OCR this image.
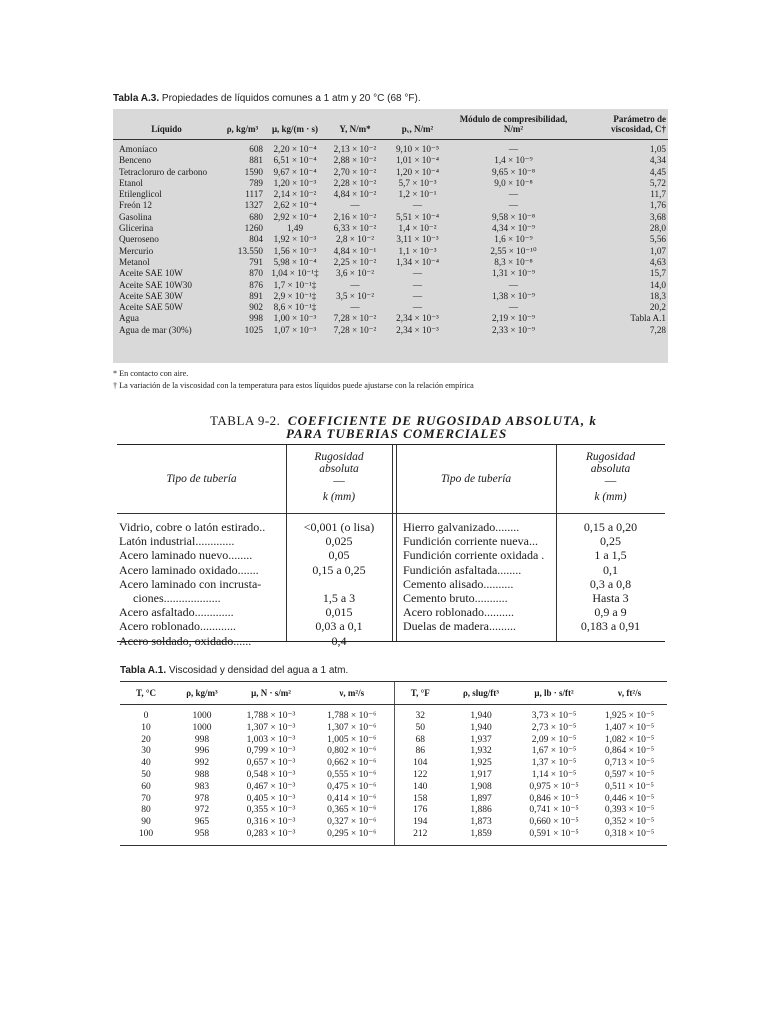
Tabla A.3. Propiedades de líquidos comunes a 1 atm y 20 °C (68 °F).
Líquido	ρ, kg/m³	μ, kg/(m · s)	Y, N/m*	pᵥ, N/m²	Módulo de compresibilidad, N/m²	Parámetro de viscosidad, C†
Amoníaco	608	2,20 × 10⁻⁴	2,13 × 10⁻²	9,10 × 10⁻⁵	—	1,05
Benceno	881	6,51 × 10⁻⁴	2,88 × 10⁻²	1,01 × 10⁻⁴	1,4 × 10⁻⁹	4,34
Tetracloruro de carbono	1590	9,67 × 10⁻⁴	2,70 × 10⁻²	1,20 × 10⁻⁴	9,65 × 10⁻⁸	4,45
Etanol	789	1,20 × 10⁻³	2,28 × 10⁻²	5,7 × 10⁻³	9,0 × 10⁻⁸	5,72
Etilenglicol	1117	2,14 × 10⁻²	4,84 × 10⁻²	1,2 × 10⁻¹	—	11,7
Freón 12	1327	2,62 × 10⁻⁴	—	—	—	1,76
Gasolina	680	2,92 × 10⁻⁴	2,16 × 10⁻²	5,51 × 10⁻⁴	9,58 × 10⁻⁸	3,68
Glicerina	1260	1,49	6,33 × 10⁻²	1,4 × 10⁻²	4,34 × 10⁻⁹	28,0
Queroseno	804	1,92 × 10⁻³	2,8 × 10⁻²	3,11 × 10⁻³	1,6 × 10⁻⁹	5,56
Mercurio	13.550	1,56 × 10⁻³	4,84 × 10⁻¹	1,1 × 10⁻³	2,55 × 10⁻¹⁰	1,07
Metanol	791	5,98 × 10⁻⁴	2,25 × 10⁻²	1,34 × 10⁻⁴	8,3 × 10⁻⁸	4,63
Aceite SAE 10W	870	1,04 × 10⁻¹‡	3,6 × 10⁻²	—	1,31 × 10⁻⁹	15,7
Aceite SAE 10W30	876	1,7 × 10⁻¹‡	—	—	—	14,0
Aceite SAE 30W	891	2,9 × 10⁻¹‡	3,5 × 10⁻²	—	1,38 × 10⁻⁹	18,3
Aceite SAE 50W	902	8,6 × 10⁻¹‡	—	—	—	20,2
Agua	998	1,00 × 10⁻³	7,28 × 10⁻²	2,34 × 10⁻³	2,19 × 10⁻⁹	Tabla A.1
Agua de mar (30%)	1025	1,07 × 10⁻³	7,28 × 10⁻²	2,34 × 10⁻³	2,33 × 10⁻⁹	7,28
* En contacto con aire.
† La variación de la viscosidad con la temperatura para estos líquidos puede ajustarse con la relación empírica
TABLA 9-2. COEFICIENTE DE RUGOSIDAD ABSOLUTA, k
PARA TUBERIAS COMERCIALES
Tipo de tubería
Rugosidad
absoluta
—
k (mm)
Tipo de tubería
Rugosidad
absoluta
—
k (mm)
Vidrio, cobre o latón estirado..	<0,001 (o lisa)
Latón industrial.............	0,025
Acero laminado nuevo........	0,05
Acero laminado oxidado.......	0,15 a 0,25
Acero laminado con incrusta-
ciones...................	1,5 a 3
Acero asfaltado.............	0,015
Acero roblonado............	0,03 a 0,1
Acero soldado, oxidado......	0,4
Hierro galvanizado........	0,15 a 0,20
Fundición corriente nueva...	0,25
Fundición corriente oxidada .	1 a 1,5
Fundición asfaltada........	0,1
Cemento alisado..........	0,3 a 0,8
Cemento bruto...........	Hasta 3
Acero roblonado..........	0,9 a 9
Duelas de madera.........	0,183 a 0,91
Tabla A.1. Viscosidad y densidad del agua a 1 atm.
T, °C	ρ, kg/m³	μ, N · s/m²	ν, m²/s	T, °F	ρ, slug/ft³	μ, lb · s/ft²	ν, ft²/s
0	1000	1,788 × 10⁻³	1,788 × 10⁻⁶	32	1,940	3,73 × 10⁻⁵	1,925 × 10⁻⁵
10	1000	1,307 × 10⁻³	1,307 × 10⁻⁶	50	1,940	2,73 × 10⁻⁵	1,407 × 10⁻⁵
20	998	1,003 × 10⁻³	1,005 × 10⁻⁶	68	1,937	2,09 × 10⁻⁵	1,082 × 10⁻⁵
30	996	0,799 × 10⁻³	0,802 × 10⁻⁶	86	1,932	1,67 × 10⁻⁵	0,864 × 10⁻⁵
40	992	0,657 × 10⁻³	0,662 × 10⁻⁶	104	1,925	1,37 × 10⁻⁵	0,713 × 10⁻⁵
50	988	0,548 × 10⁻³	0,555 × 10⁻⁶	122	1,917	1,14 × 10⁻⁵	0,597 × 10⁻⁵
60	983	0,467 × 10⁻³	0,475 × 10⁻⁶	140	1,908	0,975 × 10⁻⁵	0,511 × 10⁻⁵
70	978	0,405 × 10⁻³	0,414 × 10⁻⁶	158	1,897	0,846 × 10⁻⁵	0,446 × 10⁻⁵
80	972	0,355 × 10⁻³	0,365 × 10⁻⁶	176	1,886	0,741 × 10⁻⁵	0,393 × 10⁻⁵
90	965	0,316 × 10⁻³	0,327 × 10⁻⁶	194	1,873	0,660 × 10⁻⁵	0,352 × 10⁻⁵
100	958	0,283 × 10⁻³	0,295 × 10⁻⁶	212	1,859	0,591 × 10⁻⁵	0,318 × 10⁻⁵
